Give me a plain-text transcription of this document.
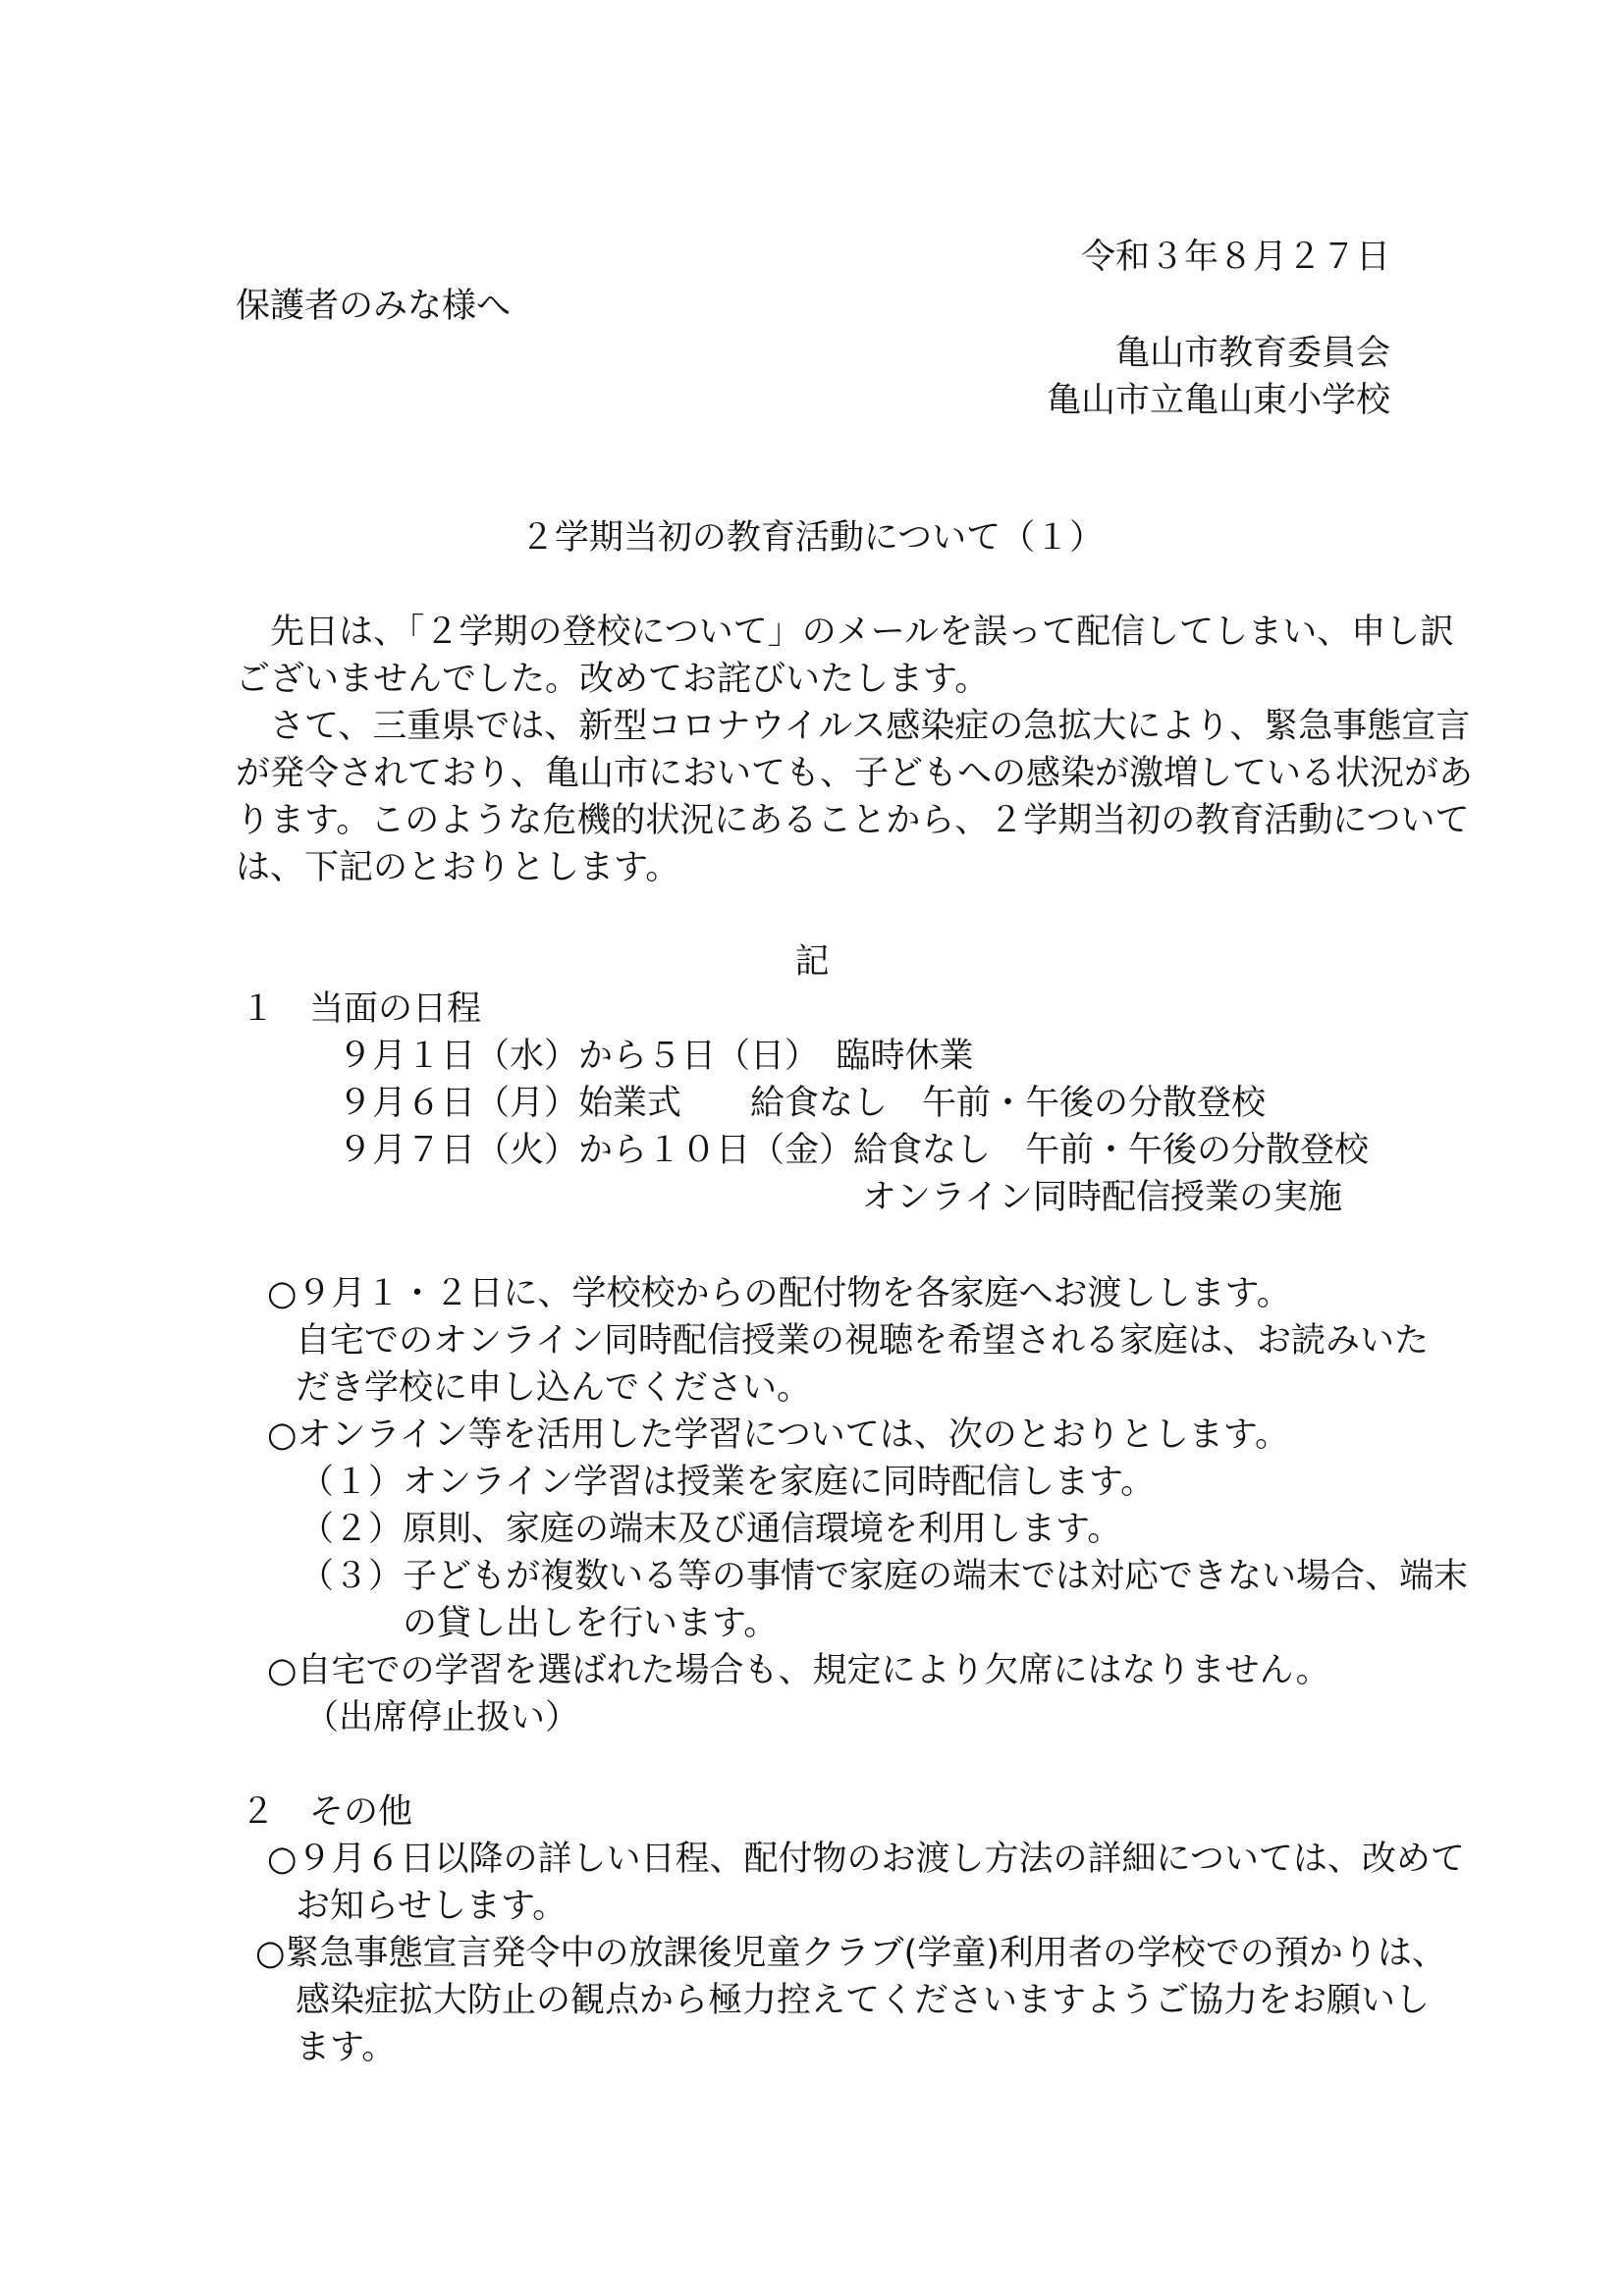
令和３年８月２７日
保護者のみな様へ
亀山市教育委員会
亀山市立亀山東小学校
２学期当初の教育活動について（１）
先日は、「２学期の登校について」のメールを誤って配信してしまい、申し訳
ございませんでした。改めてお詫びいたします。
さて、三重県では、新型コロナウイルス感染症の急拡大により、緊急事態宣言
が発令されており、亀山市においても、子どもへの感染が激増している状況があ
ります。このような危機的状況にあることから、２学期当初の教育活動について
は、下記のとおりとします。
記
１　当面の日程
９月１日（水）から５日（日）　臨時休業
９月６日（月）始業式　　給食なし　午前・午後の分散登校
９月７日（火）から１０日（金）給食なし　午前・午後の分散登校
オンライン同時配信授業の実施
○９月１・２日に、学校校からの配付物を各家庭へお渡しします。
自宅でのオンライン同時配信授業の視聴を希望される家庭は、お読みいた
だき学校に申し込んでください。
○オンライン等を活用した学習については、次のとおりとします。
（１）オンライン学習は授業を家庭に同時配信します。
（２）原則、家庭の端末及び通信環境を利用します。
（３）子どもが複数いる等の事情で家庭の端末では対応できない場合、端末
の貸し出しを行います。
○自宅での学習を選ばれた場合も、規定により欠席にはなりません。
（出席停止扱い）
２　その他
○９月６日以降の詳しい日程、配付物のお渡し方法の詳細については、改めて
お知らせします。
○緊急事態宣言発令中の放課後児童クラブ(学童)利用者の学校での預かりは、
感染症拡大防止の観点から極力控えてくださいますようご協力をお願いし
ます。
